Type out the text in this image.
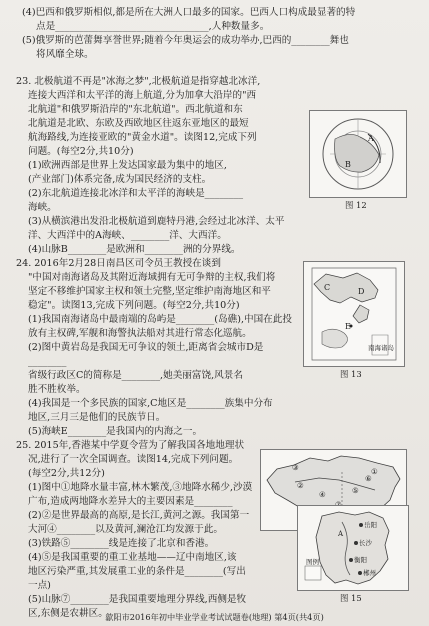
(4)巴西和俄罗斯相似,都是所在大洲人口最多的国家。巴西人口构成最显著的特
点是________________________________,人种数量多。
(5)俄罗斯的芭蕾舞享誉世界;随着今年奥运会的成功举办,巴西的________舞也
将风靡全球。
23. 北极航道不再是"冰海之梦",北极航道是指穿越北冰洋,
连接大西洋和太平洋的海上航道,分为加拿大沿岸的"西
北航道"和俄罗斯沿岸的"东北航道"。西北航道和东
北航道是北欧、东欧及西欧地区往返东亚地区的最短
航海路线,为连接亚欧的"黄金水道"。读图12,完成下列
问题。(每空2分,共10分)
(1)欧洲西部是世界上发达国家最为集中的地区,
(产业部门)体系完备,成为国民经济的支柱。
(2)东北航道连接北冰洋和太平洋的海峡是________
海峡。
(3)从横滨港出发沿北极航道到鹿特丹港,会经过北冰洋、太平
洋、大西洋中的A海峡、________洋、大西洋。
(4)山脉B________是欧洲和________洲的分界线。
A
B
图 12
24. 2016年2月28日南昌区司令员王教授在谈到
"中国对南海诸岛及其附近海域拥有无可争辩的主权,我们将
坚定不移维护国家主权和领土完整,坚定维护南海地区和平
稳定"。读图13,完成下列问题。(每空2分,共10分)
(1)我国南海诸岛中最南端的岛屿是________(岛礁),中国在此投
放有主权碑,军舰和海警执法船对其进行常态化巡航。
(2)图中黄岩岛是我国无可争议的领土,距离省会城市D是
________
省级行政区C的简称是________,她美丽富饶,风景名
胜不胜枚举。
(4)我国是一个多民族的国家,C地区是________族集中分布
地区,三月三是他们的民族节日。
(5)海峡E________是我国内的内海之一。
C	D
E
南海诸岛
图 13
25. 2015年,香港某中学夏令营为了解我国各地地理状
况,进行了一次全国调查。读图14,完成下列问题。
(每空2分,共12分)
(1)图中①地降水量丰富,林木繁茂,③地降水稀少,沙漠
广布,造成两地降水差异大的主要因素是________
(2)②是世界最高的高原,是长江,黄河之源。我国第一
大河④________以及黄河,澜沧江均发源于此。
(3)铁路⑤________线是连接了北京和香港。
(4)⑤是我国重要的重工业基地——辽中南地区,该
地区污染严重,其发展重工业的条件是________(写出
一点)
(5)山脉⑦________是我国重要地理分界线,西侧是牧
区,东侧是农耕区。
①
②
③
④	⑤
⑥
A
岳阳
长沙
衡阳
郴州
图例
图 15
歙阳市2016年初中毕业学业考试试题卷(地理) 第4页(共4页)
